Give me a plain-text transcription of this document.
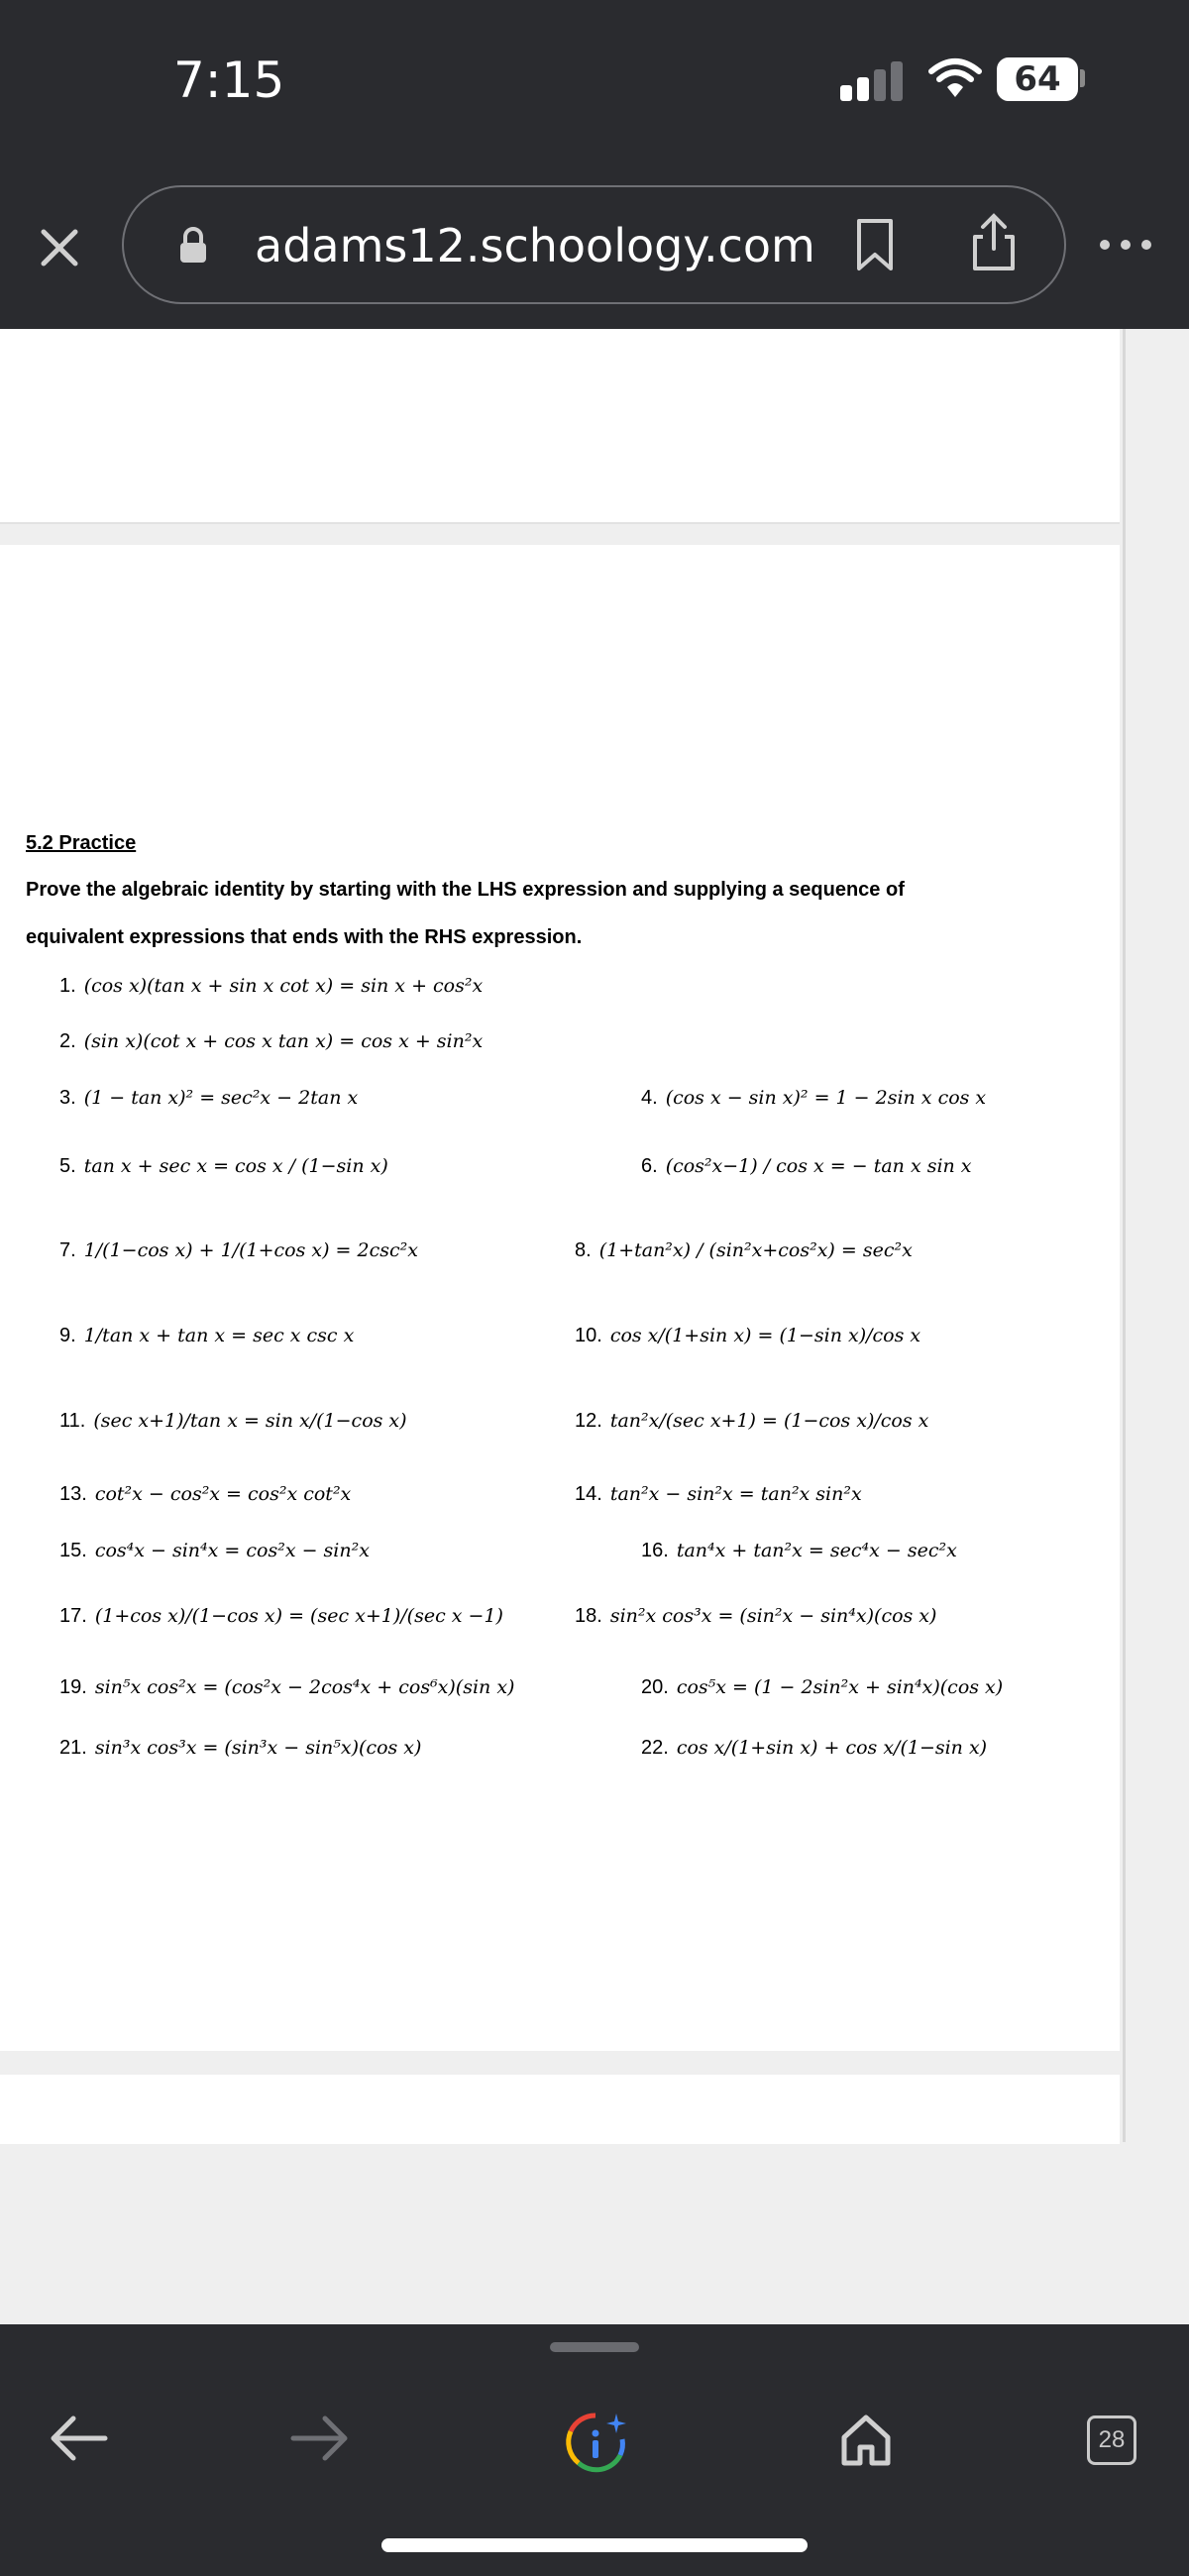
7:15	64
adams12.schoology.com
5.2 Practice
Prove the algebraic identity by starting with the LHS expression and supplying a sequence of
equivalent expressions that ends with the RHS expression.
1. (cos x)(tan x + sin x cot x) = sin x + cos²x
2. (sin x)(cot x + cos x tan x) = cos x + sin²x
3. (1 − tan x)² = sec²x − 2tan x	4. (cos x − sin x)² = 1 − 2sin x cos x
5. tan x + sec x = cos x / (1−sin x)	6. (cos²x−1) / cos x = − tan x sin x
7. 1/(1−cos x) + 1/(1+cos x) = 2csc²x	8. (1+tan²x) / (sin²x+cos²x) = sec²x
9. 1/tan x + tan x = sec x csc x	10. cos x/(1+sin x) = (1−sin x)/cos x
11. (sec x+1)/tan x = sin x/(1−cos x)	12. tan²x/(sec x+1) = (1−cos x)/cos x
13. cot²x − cos²x = cos²x cot²x	14. tan²x − sin²x = tan²x sin²x
15. cos⁴x − sin⁴x = cos²x − sin²x	16. tan⁴x + tan²x = sec⁴x − sec²x
17. (1+cos x)/(1−cos x) = (sec x+1)/(sec x −1)	18. sin²x cos³x = (sin²x − sin⁴x)(cos x)
19. sin⁵x cos²x = (cos²x − 2cos⁴x + cos⁶x)(sin x)	20. cos⁵x = (1 − 2sin²x + sin⁴x)(cos x)
21. sin³x cos³x = (sin³x − sin⁵x)(cos x)	22. cos x/(1+sin x) + cos x/(1−sin x)
28
